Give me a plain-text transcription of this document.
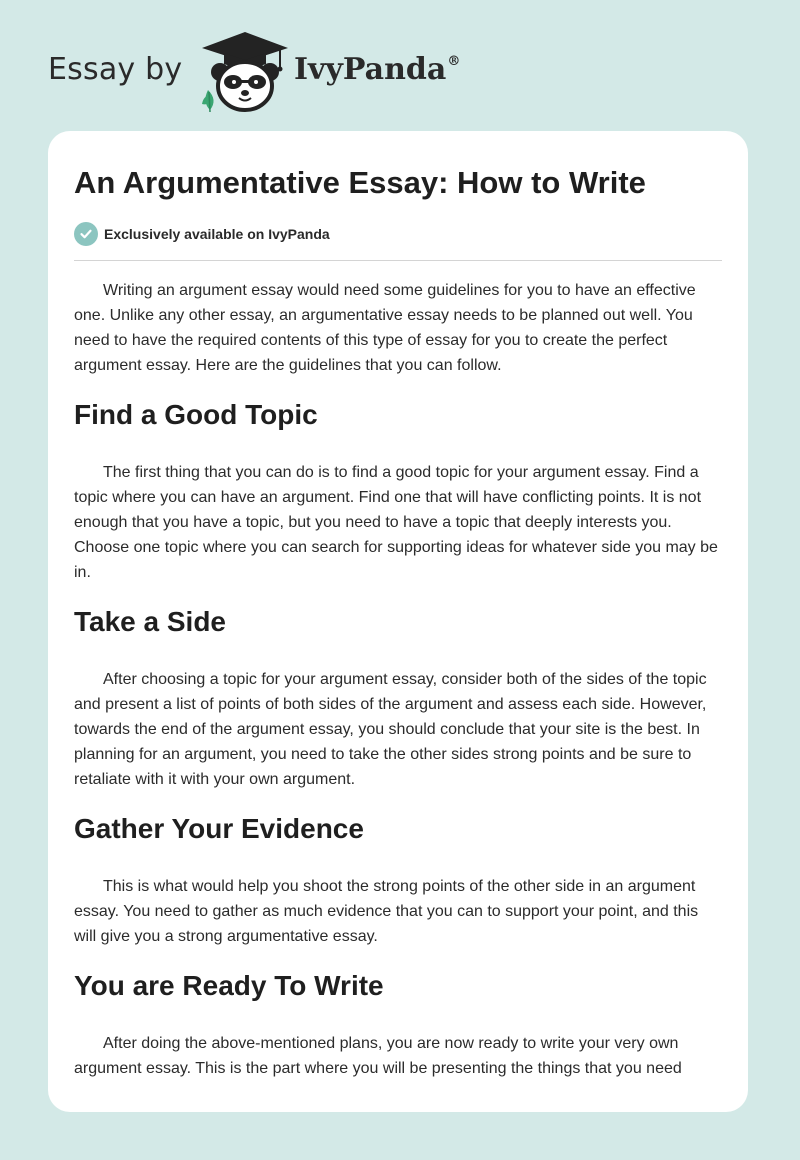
Essay by	IvyPanda®
An Argumentative Essay: How to Write
Exclusively available on IvyPanda

Writing an argument essay would need some guidelines for you to have an effective one. Unlike any other essay, an argumentative essay needs to be planned out well. You need to have the required contents of this type of essay for you to create the perfect argument essay. Here are the guidelines that you can follow.

Find a Good Topic

The first thing that you can do is to find a good topic for your argument essay. Find a topic where you can have an argument. Find one that will have conflicting points. It is not enough that you have a topic, but you need to have a topic that deeply interests you. Choose one topic where you can search for supporting ideas for whatever side you may be in.

Take a Side

After choosing a topic for your argument essay, consider both of the sides of the topic and present a list of points of both sides of the argument and assess each side. However, towards the end of the argument essay, you should conclude that your site is the best. In planning for an argument, you need to take the other sides strong points and be sure to retaliate with it with your own argument.

Gather Your Evidence

This is what would help you shoot the strong points of the other side in an argument essay. You need to gather as much evidence that you can to support your point, and this will give you a strong argumentative essay.

You are Ready To Write

After doing the above-mentioned plans, you are now ready to write your very own argument essay. This is the part where you will be presenting the things that you need
